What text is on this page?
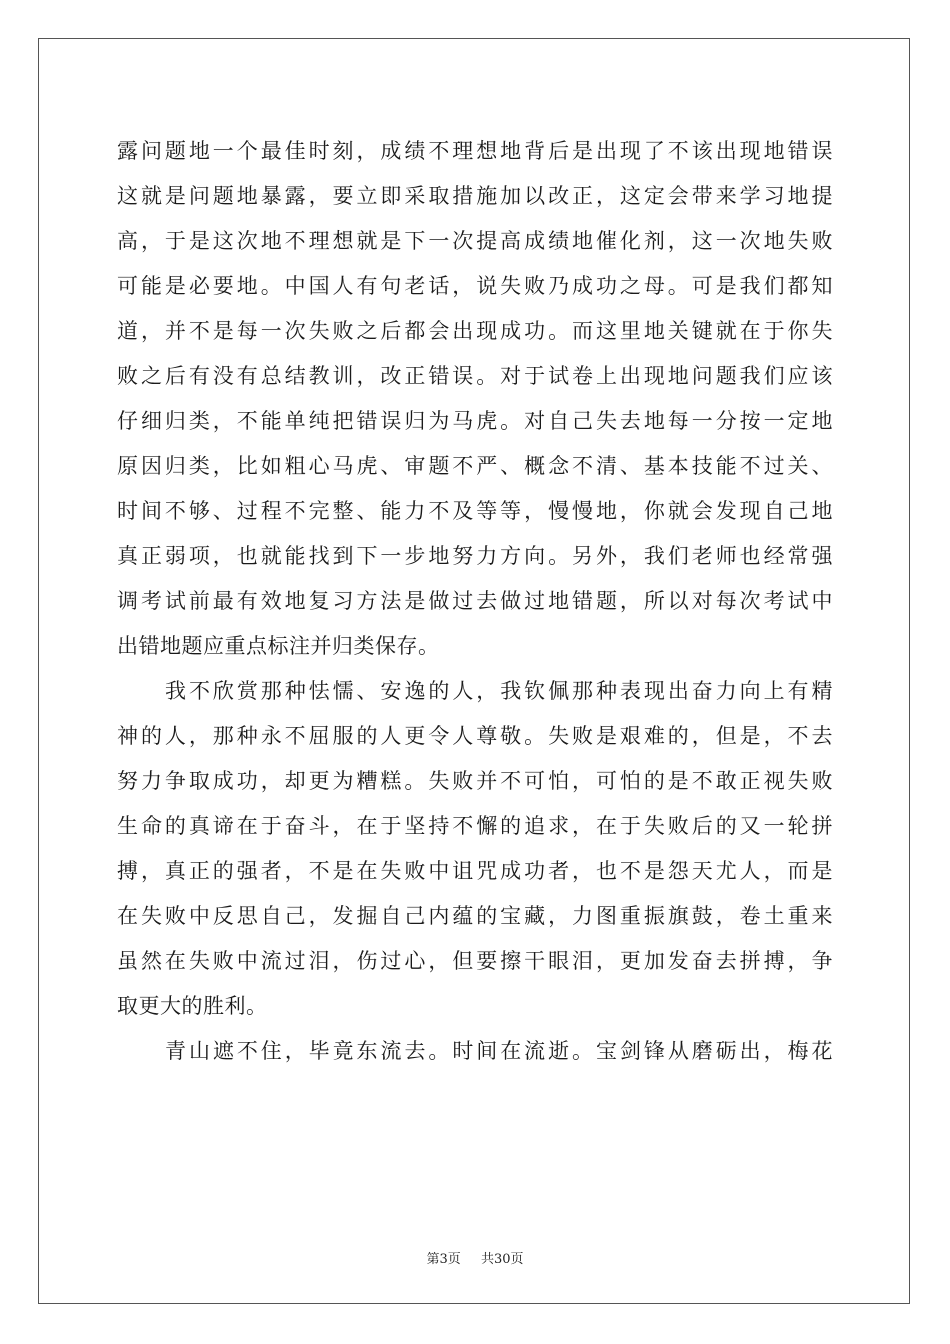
露问题地一个最佳时刻，成绩不理想地背后是出现了不该出现地错误
这就是问题地暴露，要立即采取措施加以改正，这定会带来学习地提
高，于是这次地不理想就是下一次提高成绩地催化剂，这一次地失败
可能是必要地。中国人有句老话，说失败乃成功之母。可是我们都知
道，并不是每一次失败之后都会出现成功。而这里地关键就在于你失
败之后有没有总结教训，改正错误。对于试卷上出现地问题我们应该
仔细归类，不能单纯把错误归为马虎。对自己失去地每一分按一定地
原因归类，比如粗心马虎、审题不严、概念不清、基本技能不过关、
时间不够、过程不完整、能力不及等等，慢慢地，你就会发现自己地
真正弱项，也就能找到下一步地努力方向。另外，我们老师也经常强
调考试前最有效地复习方法是做过去做过地错题，所以对每次考试中
出错地题应重点标注并归类保存。
我不欣赏那种怯懦、安逸的人，我钦佩那种表现出奋力向上有精
神的人，那种永不屈服的人更令人尊敬。失败是艰难的，但是，不去
努力争取成功，却更为糟糕。失败并不可怕，可怕的是不敢正视失败
生命的真谛在于奋斗，在于坚持不懈的追求，在于失败后的又一轮拼
搏，真正的强者，不是在失败中诅咒成功者，也不是怨天尤人，而是
在失败中反思自己，发掘自己内蕴的宝藏，力图重振旗鼓，卷土重来
虽然在失败中流过泪，伤过心，但要擦干眼泪，更加发奋去拼搏，争
取更大的胜利。
青山遮不住，毕竟东流去。时间在流逝。宝剑锋从磨砺出，梅花
第3页 共30页
